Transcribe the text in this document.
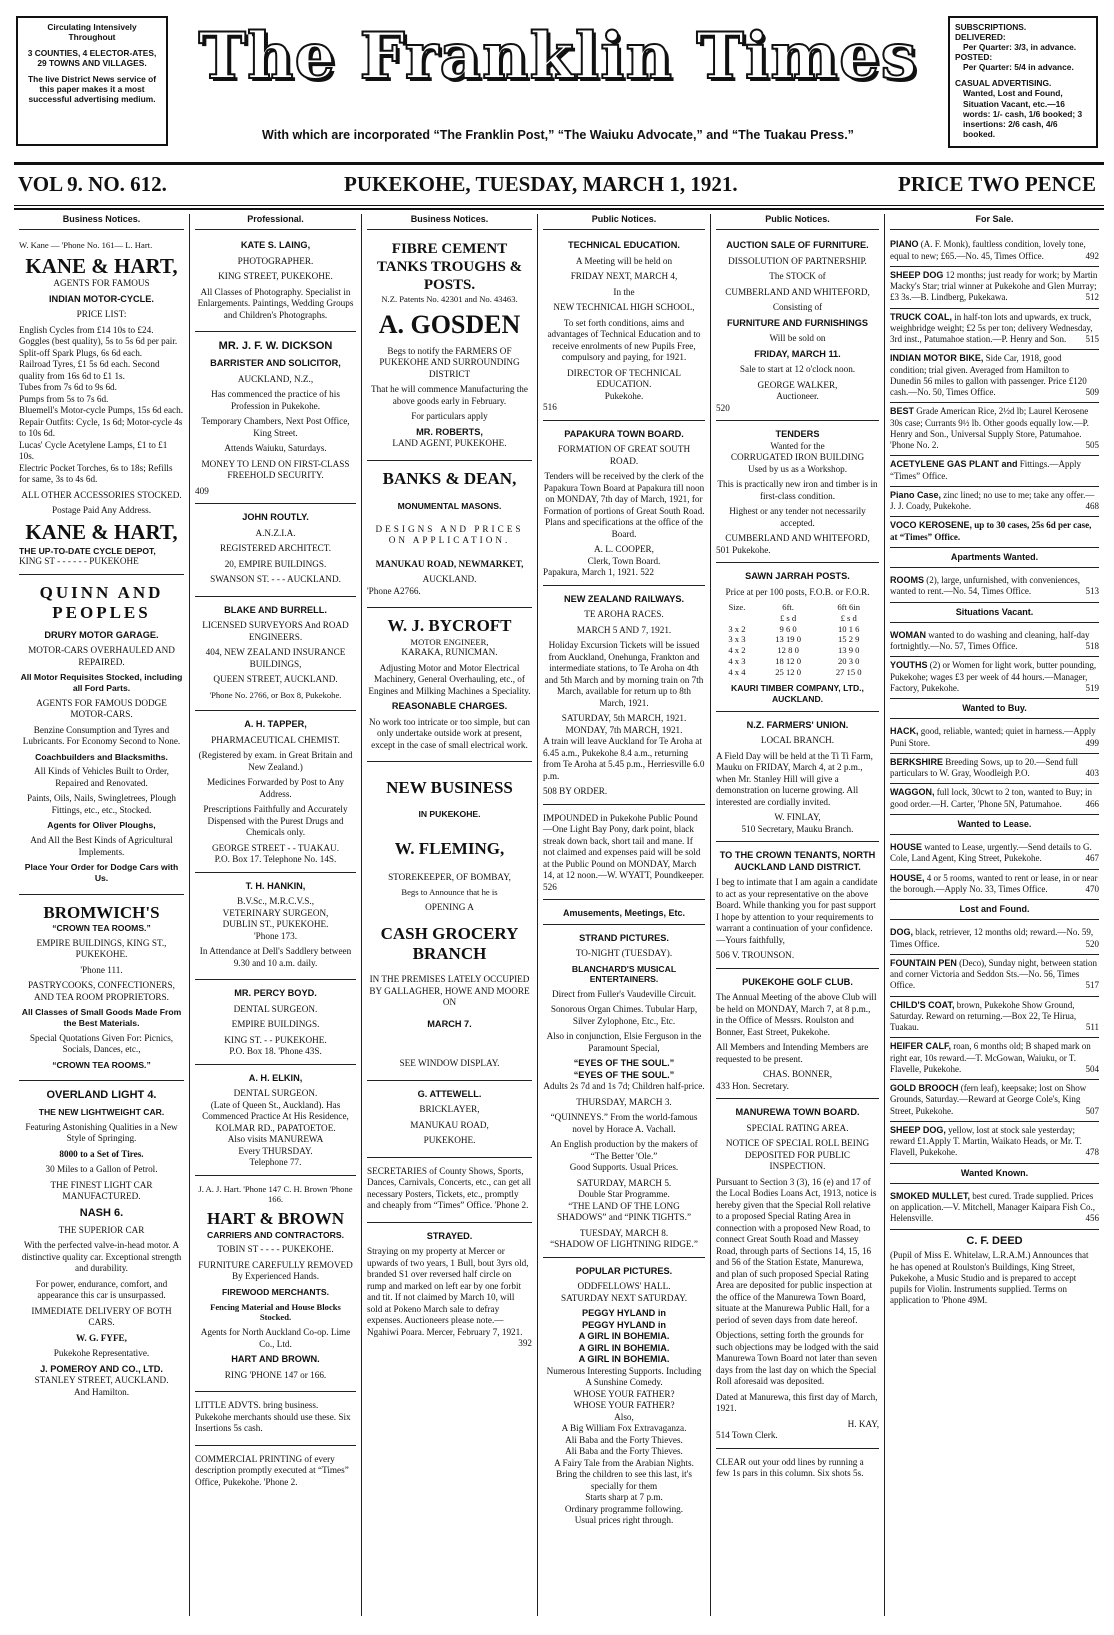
Circulating Intensively Throughout

3 COUNTIES, 4 ELECTOR-ATES, 29 TOWNS AND VILLAGES.

The live District News service of this paper makes it a most successful advertising medium.

The Franklin Times
With which are incorporated “The Franklin Post,” “The Waiuku Advocate,” and “The Tuakau Press.”

SUBSCRIPTIONS.

DELIVERED:

Per Quarter: 3/3, in advance.

POSTED:

Per Quarter: 5/4 in advance.

CASUAL ADVERTISING.

Wanted, Lost and Found, Situation Vacant, etc.—16 words: 1/- cash, 1/6 booked; 3 insertions: 2/6 cash, 4/6 booked.

VOL 9. NO. 612.	PUKEKOHE, TUESDAY, MARCH 1, 1921.	PRICE TWO PENCE
Business Notices.

W. Kane — 'Phone No. 161— L. Hart.

KANE & HART,

AGENTS FOR FAMOUS

INDIAN MOTOR-CYCLE.

PRICE LIST:

English Cycles from £14 10s to £24.

Goggles (best quality), 5s to 5s 6d per pair.

Split-off Spark Plugs, 6s 6d each.

Railroad Tyres, £1 5s 6d each. Second quality from 16s 6d to £1 1s.

Tubes from 7s 6d to 9s 6d.

Pumps from 5s to 7s 6d.

Bluemell's Motor-cycle Pumps, 15s 6d each.

Repair Outfits: Cycle, 1s 6d; Motor-cycle 4s to 10s 6d.

Lucas' Cycle Acetylene Lamps, £1 to £1 10s.

Electric Pocket Torches, 6s to 18s; Refills for same, 3s to 4s 6d.

ALL OTHER ACCESSORIES STOCKED.

Postage Paid Any Address.

KANE & HART,

THE UP-TO-DATE CYCLE DEPOT,

KING ST - - - - - - PUKEKOHE

QUINN AND PEOPLES

DRURY MOTOR GARAGE.

MOTOR-CARS OVERHAULED AND REPAIRED.

All Motor Requisites Stocked, including all Ford Parts.

AGENTS FOR FAMOUS DODGE MOTOR-CARS.

Benzine Consumption and Tyres and Lubricants. For Economy Second to None.

Coachbuilders and Blacksmiths.

All Kinds of Vehicles Built to Order, Repaired and Renovated.

Paints, Oils, Nails, Swingletrees, Plough Fittings, etc., etc., Stocked.

Agents for Oliver Ploughs,

And All the Best Kinds of Agricultural Implements.

Place Your Order for Dodge Cars with Us.

BROMWICH'S

“CROWN TEA ROOMS.”

EMPIRE BUILDINGS, KING ST., PUKEKOHE.

'Phone 111.

PASTRYCOOKS, CONFECTIONERS, AND TEA ROOM PROPRIETORS.

All Classes of Small Goods Made From the Best Materials.

Special Quotations Given For: Picnics, Socials, Dances, etc.,

“CROWN TEA ROOMS.”

OVERLAND LIGHT 4.

THE NEW LIGHTWEIGHT CAR.

Featuring Astonishing Qualities in a New Style of Springing.

8000 to a Set of Tires.

30 Miles to a Gallon of Petrol.

THE FINEST LIGHT CAR MANUFACTURED.

NASH 6.

THE SUPERIOR CAR

With the perfected valve-in-head motor. A distinctive quality car. Exceptional strength and durability.

For power, endurance, comfort, and appearance this car is unsurpassed.

IMMEDIATE DELIVERY OF BOTH CARS.

W. G. FYFE,

Pukekohe Representative.

J. POMEROY AND CO., LTD.

STANLEY STREET, AUCKLAND.

And Hamilton.

Professional.

KATE S. LAING,

PHOTOGRAPHER.

KING STREET, PUKEKOHE.

All Classes of Photography. Specialist in Enlargements. Paintings, Wedding Groups and Children's Photographs.

MR. J. F. W. DICKSON

BARRISTER AND SOLICITOR,

AUCKLAND, N.Z.,

Has commenced the practice of his Profession in Pukekohe.

Temporary Chambers, Next Post Office, King Street.

Attends Waiuku, Saturdays.

MONEY TO LEND ON FIRST-CLASS FREEHOLD SECURITY.

409

JOHN ROUTLY.

A.N.Z.I.A.

REGISTERED ARCHITECT.

20, EMPIRE BUILDINGS.

SWANSON ST. - - - AUCKLAND.

BLAKE AND BURRELL.

LICENSED SURVEYORS And ROAD ENGINEERS.

404, NEW ZEALAND INSURANCE BUILDINGS,

QUEEN STREET, AUCKLAND.

'Phone No. 2766, or Box 8, Pukekohe.

A. H. TAPPER,

PHARMACEUTICAL CHEMIST.

(Registered by exam. in Great Britain and New Zealand.)

Medicines Forwarded by Post to Any Address.

Prescriptions Faithfully and Accurately Dispensed with the Purest Drugs and Chemicals only.

GEORGE STREET - - TUAKAU.

P.O. Box 17. Telephone No. 14S.

T. H. HANKIN,

B.V.Sc., M.R.C.V.S.,

VETERINARY SURGEON,

DUBLIN ST., PUKEKOHE.

'Phone 173.

In Attendance at Dell's Saddlery between 9.30 and 10 a.m. daily.

MR. PERCY BOYD.

DENTAL SURGEON.

EMPIRE BUILDINGS.

KING ST. - - PUKEKOHE.

P.O. Box 18. 'Phone 43S.

A. H. ELKIN,

DENTAL SURGEON.

(Late of Queen St., Auckland). Has Commenced Practice At His Residence,

KOLMAR RD., PAPATOETOE.

Also visits MANUREWA

Every THURSDAY.

Telephone 77.

J. A. J. Hart. 'Phone 147 C. H. Brown 'Phone 166.

HART & BROWN

CARRIERS AND CONTRACTORS.

TOBIN ST - - - - PUKEKOHE.

FURNITURE CAREFULLY REMOVED

By Experienced Hands.

FIREWOOD MERCHANTS.

Fencing Material and House Blocks Stocked.

Agents for North Auckland Co-op. Lime Co., Ltd.

HART AND BROWN.

RING 'PHONE 147 or 166.

LITTLE ADVTS. bring business. Pukekohe merchants should use these. Six Insertions 5s cash.

COMMERCIAL PRINTING of every description promptly executed at “Times” Office, Pukekohe. 'Phone 2.

Business Notices.
FIBRE CEMENT TANKS TROUGHS & POSTS.

N.Z. Patents No. 42301 and No. 43463.

A. GOSDEN

Begs to notify the FARMERS OF PUKEKOHE AND SURROUNDING DISTRICT

That he will commence Manufacturing the above goods early in February.

For particulars apply

MR. ROBERTS,

LAND AGENT, PUKEKOHE.

BANKS & DEAN,

MONUMENTAL MASONS.

DESIGNS AND PRICES ON APPLICATION.

MANUKAU ROAD, NEWMARKET,

AUCKLAND.

'Phone A2766.

W. J. BYCROFT

MOTOR ENGINEER,

KARAKA, RUNICMAN.

Adjusting Motor and Motor Electrical Machinery, General Overhauling, etc., of Engines and Milking Machines a Speciality.

REASONABLE CHARGES.

No work too intricate or too simple, but can only undertake outside work at present, except in the case of small electrical work.

NEW BUSINESS

IN PUKEKOHE.

W. FLEMING,

STOREKEEPER, OF BOMBAY,

Begs to Announce that he is

OPENING A

CASH GROCERY BRANCH

IN THE PREMISES LATELY OCCUPIED BY GALLAGHER, HOWE AND MOORE ON

MARCH 7.

SEE WINDOW DISPLAY.

G. ATTEWELL.

BRICKLAYER,

MANUKAU ROAD,

PUKEKOHE.

SECRETARIES of County Shows, Sports, Dances, Carnivals, Concerts, etc., can get all necessary Posters, Tickets, etc., promptly and cheaply from “Times” Office. 'Phone 2.

STRAYED.

Straying on my property at Mercer or upwards of two years, 1 Bull, bout 3yrs old, branded S1 over reversed half circle on rump and marked on left ear by one forbit and tit. If not claimed by March 10, will sold at Pokeno March sale to defray expenses. Auctioneers please note.—Ngahiwi Poara. Mercer, February 7, 1921.

392

Public Notices.

TECHNICAL EDUCATION.

A Meeting will be held on

FRIDAY NEXT, MARCH 4,

In the

NEW TECHNICAL HIGH SCHOOL,

To set forth conditions, aims and advantages of Technical Education and to receive enrolments of new Pupils Free, compulsory and paying, for 1921.

DIRECTOR OF TECHNICAL EDUCATION.

Pukekohe.

516

PAPAKURA TOWN BOARD.

FORMATION OF GREAT SOUTH ROAD.

Tenders will be received by the clerk of the Papakura Town Board at Papakura till noon on MONDAY, 7th day of March, 1921, for Formation of portions of Great South Road. Plans and specifications at the office of the Board.

A. L. COOPER,

Clerk, Town Board.

Papakura, March 1, 1921. 522

NEW ZEALAND RAILWAYS.

TE AROHA RACES.

MARCH 5 AND 7, 1921.

Holiday Excursion Tickets will be issued from Auckland, Onehunga, Frankton and intermediate stations, to Te Aroha on 4th and 5th March and by morning train on 7th March, available for return up to 8th March, 1921.

SATURDAY, 5th MARCH, 1921.

MONDAY, 7th MARCH, 1921.

A train will leave Auckland for Te Aroha at 6.45 a.m., Pukekohe 8.4 a.m., returning from Te Aroha at 5.45 p.m., Herriesville 6.0 p.m.

508 BY ORDER.

IMPOUNDED in Pukekohe Public Pound—One Light Bay Pony, dark point, black streak down back, short tail and mane. If not claimed and expenses paid will be sold at the Public Pound on MONDAY, March 14, at 12 noon.—W. WYATT, Poundkeeper. 526

Amusements, Meetings, Etc.

STRAND PICTURES.

TO-NIGHT (TUESDAY).

BLANCHARD'S MUSICAL ENTERTAINERS.

Direct from Fuller's Vaudeville Circuit.

Sonorous Organ Chimes. Tubular Harp, Silver Zylophone, Etc., Etc.

Also in conjunction, Elsie Ferguson in the Paramount Special,

“EYES OF THE SOUL.”

“EYES OF THE SOUL.”

Adults 2s 7d and 1s 7d; Children half-price.

THURSDAY, MARCH 3.

“QUINNEYS.” From the world-famous novel by Horace A. Vachall.

An English production by the makers of “The Better 'Ole.”

Good Supports. Usual Prices.

SATURDAY, MARCH 5.

Double Star Programme.

“THE LAND OF THE LONG SHADOWS” and “PINK TIGHTS.”

TUESDAY, MARCH 8.

“SHADOW OF LIGHTNING RIDGE.”

POPULAR PICTURES.

ODDFELLOWS' HALL.

SATURDAY NEXT SATURDAY.

PEGGY HYLAND in

PEGGY HYLAND in

A GIRL IN BOHEMIA.

A GIRL IN BOHEMIA.

A GIRL IN BOHEMIA.

Numerous Interesting Supports. Including

A Sunshine Comedy.

WHOSE YOUR FATHER?

WHOSE YOUR FATHER?

Also,

A Big William Fox Extravaganza.

Ali Baba and the Forty Thieves.

Ali Baba and the Forty Thieves.

A Fairy Tale from the Arabian Nights.

Bring the children to see this last, it's specially for them

Starts sharp at 7 p.m.

Ordinary programme following.

Usual prices right through.

Public Notices.

AUCTION SALE OF FURNITURE.

DISSOLUTION OF PARTNERSHIP.

The STOCK of

CUMBERLAND AND WHITEFORD,

Consisting of

FURNITURE AND FURNISHINGS

Will be sold on

FRIDAY, MARCH 11.

Sale to start at 12 o'clock noon.

GEORGE WALKER,

Auctioneer.

520

TENDERS

Wanted for the

CORRUGATED IRON BUILDING

Used by us as a Workshop.

This is practically new iron and timber is in first-class condition.

Highest or any tender not necessarily accepted.

CUMBERLAND AND WHITEFORD,

501 Pukekohe.

SAWN JARRAH POSTS.

Price at per 100 posts, F.O.B. or F.O.R.

Size.	6ft.	6ft 6in
	£ s d	£ s d
3 x 2	9 6 0	10 1 6
3 x 3	13 19 0	15 2 9
4 x 2	12 8 0	13 9 0
4 x 3	18 12 0	20 3 0
4 x 4	25 12 0	27 15 0

KAURI TIMBER COMPANY, LTD., AUCKLAND.

N.Z. FARMERS' UNION.

LOCAL BRANCH.

A Field Day will be held at the Ti Ti Farm, Mauku on FRIDAY, March 4, at 2 p.m., when Mr. Stanley Hill will give a demonstration on lucerne growing. All interested are cordially invited.

W. FINLAY,

510 Secretary, Mauku Branch.

TO THE CROWN TENANTS, NORTH AUCKLAND LAND DISTRICT.

I beg to intimate that I am again a candidate to act as your representative on the above Board. While thanking you for past support I hope by attention to your requirements to warrant a continuation of your confidence.—Yours faithfully,

506 V. TROUNSON.

PUKEKOHE GOLF CLUB.

The Annual Meeting of the above Club will be held on MONDAY, March 7, at 8 p.m., in the Office of Messrs. Roulston and Bonner, East Street, Pukekohe.

All Members and Intending Members are requested to be present.

CHAS. BONNER,

433 Hon. Secretary.

MANUREWA TOWN BOARD.

SPECIAL RATING AREA.

NOTICE OF SPECIAL ROLL BEING DEPOSITED FOR PUBLIC INSPECTION.

Pursuant to Section 3 (3), 16 (e) and 17 of the Local Bodies Loans Act, 1913, notice is hereby given that the Special Roll relative to a proposed Special Rating Area in connection with a proposed New Road, to connect Great South Road and Massey Road, through parts of Sections 14, 15, 16 and 56 of the Station Estate, Manurewa, and plan of such proposed Special Rating Area are deposited for public inspection at the office of the Manurewa Town Board, situate at the Manurewa Public Hall, for a period of seven days from date hereof.

Objections, setting forth the grounds for such objections may be lodged with the said Manurewa Town Board not later than seven days from the last day on which the Special Roll aforesaid was deposited.

Dated at Manurewa, this first day of March, 1921.

H. KAY,

514 Town Clerk.

CLEAR out your odd lines by running a few 1s pars in this column. Six shots 5s.

For Sale.
PIANO (A. F. Monk), faultless condition, lovely tone, equal to new; £65.—No. 45, Times Office.	492
SHEEP DOG 12 months; just ready for work; by Martin Macky's Star; trial winner at Pukekohe and Glen Murray; £3 3s.—B. Lindberg, Pukekawa.	512
TRUCK COAL, in half-ton lots and upwards, ex truck, weighbridge weight; £2 5s per ton; delivery Wednesday, 3rd inst., Patumahoe station.—P. Henry and Son. 515
INDIAN MOTOR BIKE, Side Car, 1918, good condition; trial given. Averaged from Hamilton to Dunedin 56 miles to gallon with passenger. Price £120 cash.—No. 50, Times Office.	509
BEST Grade American Rice, 2½d lb; Laurel Kerosene 30s case; Currants 9½ lb. Other goods equally low.—P. Henry and Son., Universal Supply Store, Patumahoe. 'Phone No. 2.	505
ACETYLENE GAS PLANT and Fittings.—Apply “Times” Office.
Piano Case, zinc lined; no use to me; take any offer.—J. J. Coady, Pukekohe.	468
VOCO KEROSENE, up to 30 cases, 25s 6d per case, at “Times” Office.
Apartments Wanted.
ROOMS (2), large, unfurnished, with conveniences, wanted to rent.—No. 54, Times Office.	513
Situations Vacant.
WOMAN wanted to do washing and cleaning, half-day fortnightly.—No. 57, Times Office.	518
YOUTHS (2) or Women for light work, butter pounding, Pukekohe; wages £3 per week of 44 hours.—Manager, Factory, Pukekohe.	519
Wanted to Buy.
HACK, good, reliable, wanted; quiet in harness.—Apply Puni Store.	499
BERKSHIRE Breeding Sows, up to 20.—Send full particulars to W. Gray, Woodleigh P.O.	403
WAGGON, full lock, 30cwt to 2 ton, wanted to Buy; in good order.—H. Carter, 'Phone 5N, Patumahoe.	466
Wanted to Lease.
HOUSE wanted to Lease, urgently.—Send details to G. Cole, Land Agent, King Street, Pukekohe.	467
HOUSE, 4 or 5 rooms, wanted to rent or lease, in or near the borough.—Apply No. 33, Times Office.	470
Lost and Found.
DOG, black, retriever, 12 months old; reward.—No. 59, Times Office.	520
FOUNTAIN PEN (Deco), Sunday night, between station and corner Victoria and Seddon Sts.—No. 56, Times Office.	517
CHILD'S COAT, brown, Pukekohe Show Ground, Saturday. Reward on returning.—Box 22, Te Hirua, Tuakau.	511
HEIFER CALF, roan, 6 months old; B shaped mark on right ear, 10s reward.—T. McGowan, Waiuku, or T. Flavelle, Pukekohe.	504
GOLD BROOCH (fern leaf), keepsake; lost on Show Grounds, Saturday.—Reward at George Cole's, King Street, Pukekohe.	507
SHEEP DOG, yellow, lost at stock sale yesterday; reward £1.Apply T. Martin, Waikato Heads, or Mr. T. Flavell, Pukekohe.	478
Wanted Known.
SMOKED MULLET, best cured. Trade supplied. Prices on application.—V. Mitchell, Manager Kaipara Fish Co., Helensville.	456

C. F. DEED

(Pupil of Miss E. Whitelaw, L.R.A.M.) Announces that he has opened at Roulston's Buildings, King Street, Pukekohe, a Music Studio and is prepared to accept pupils for Violin. Instruments supplied. Terms on application to 'Phone 49M.
